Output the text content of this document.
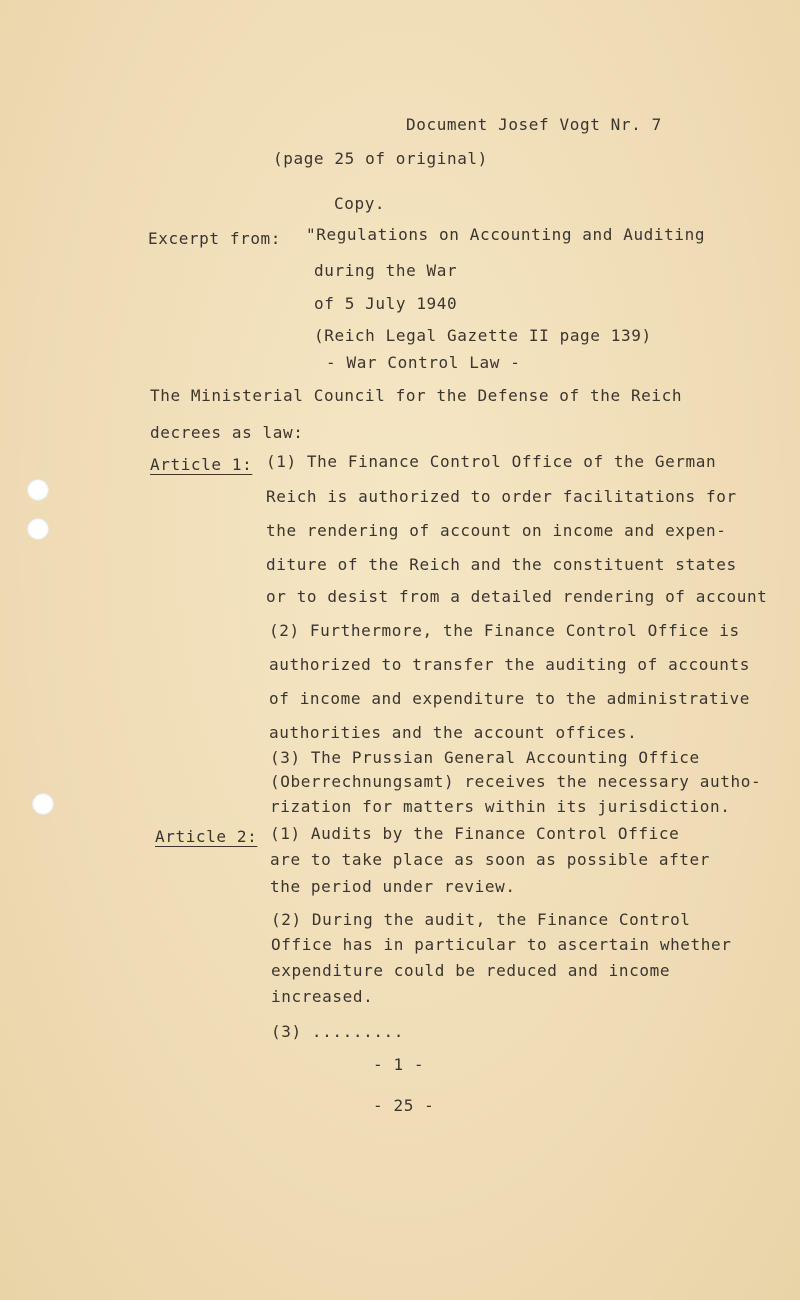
Document Josef Vogt Nr. 7
(page 25 of original)
Copy.
Excerpt from: "Regulations on Accounting and Auditing
during the War
of 5 July 1940
(Reich Legal Gazette II page 139)
- War Control Law -
The Ministerial Council for the Defense of the Reich
decrees as law:
Article 1: (1) The Finance Control Office of the German
Reich is authorized to order facilitations for
the rendering of account on income and expen-
diture of the Reich and the constituent states
or to desist from a detailed rendering of account
(2) Furthermore, the Finance Control Office is
authorized to transfer the auditing of accounts
of income and expenditure to the administrative
authorities and the account offices.
(3) The Prussian General Accounting Office
(Oberrechnungsamt) receives the necessary autho-
rization for matters within its jurisdiction.
Article 2: (1) Audits by the Finance Control Office
are to take place as soon as possible after
the period under review.
(2) During the audit, the Finance Control
Office has in particular to ascertain whether
expenditure could be reduced and income
increased.
(3) .........
- 1 -
- 25 -
